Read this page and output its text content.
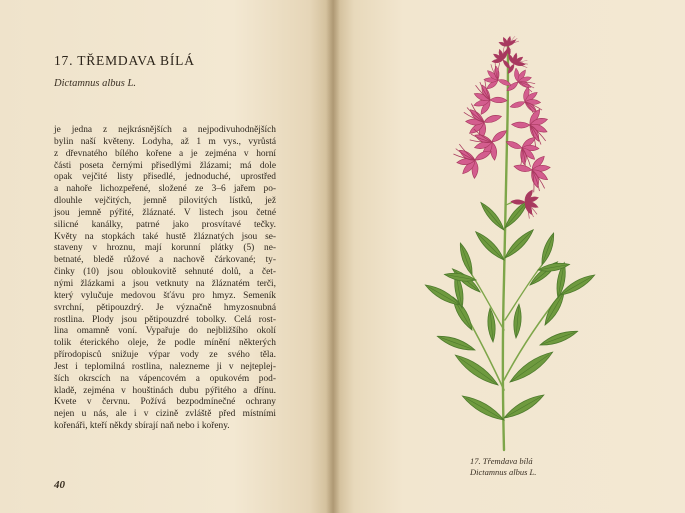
17. TŘEMDAVA BÍLÁ
Dictamnus albus L.
je jedna z nejkrásnějších a nejpodivuhodnějších
bylin naší květeny. Lodyha, až 1 m vys., vyrůstá
z dřevnatého bílého kořene a je zejména v horní
části poseta černými přisedlými žlázami; má dole
opak vejčité listy přisedlé, jednoduché, uprostřed
a nahoře lichozpeřené, složené ze 3–6 jařem po-
dlouhle vejčitých, jemně pilovitých lístků, jež
jsou jemně pýřité, žláznaté. V listech jsou četné
silicné kanálky, patrné jako prosvítavé tečky.
Květy na stopkách také hustě žláznatých jsou se-
staveny v hroznu, mají korunní plátky (5) ne-
betnaté, bledě růžové a nachově čárkované; ty-
činky (10) jsou obloukovitě sehnuté dolů, a čet-
nými žlázkami a jsou vetknuty na žláznatém terči,
který vylučuje medovou šťávu pro hmyz. Semeník
svrchní, pětipouzdrý. Je význačně hmyzosnubná
rostlina. Plody jsou pětipouzdré tobolky. Celá rost-
lina omamně voní. Vypařuje do nejbližšího okolí
tolik éterického oleje, že podle mínění některých
přírodopisců snižuje výpar vody ze svého těla.
Jest i teplomilná rostlina, nalezneme ji v nejteplej-
ších okrscích na vápencovém a opukovém pod-
kladě, zejména v houštinách dubu pýřitého a dřínu.
Kvete v červnu. Požívá bezpodmínečné ochrany
nejen u nás, ale i v cizině zvláště před místními
kořenáři, kteří někdy sbírají naň nebo i kořeny.
40
17. Třemdava bílá
Dictamnus albus L.
